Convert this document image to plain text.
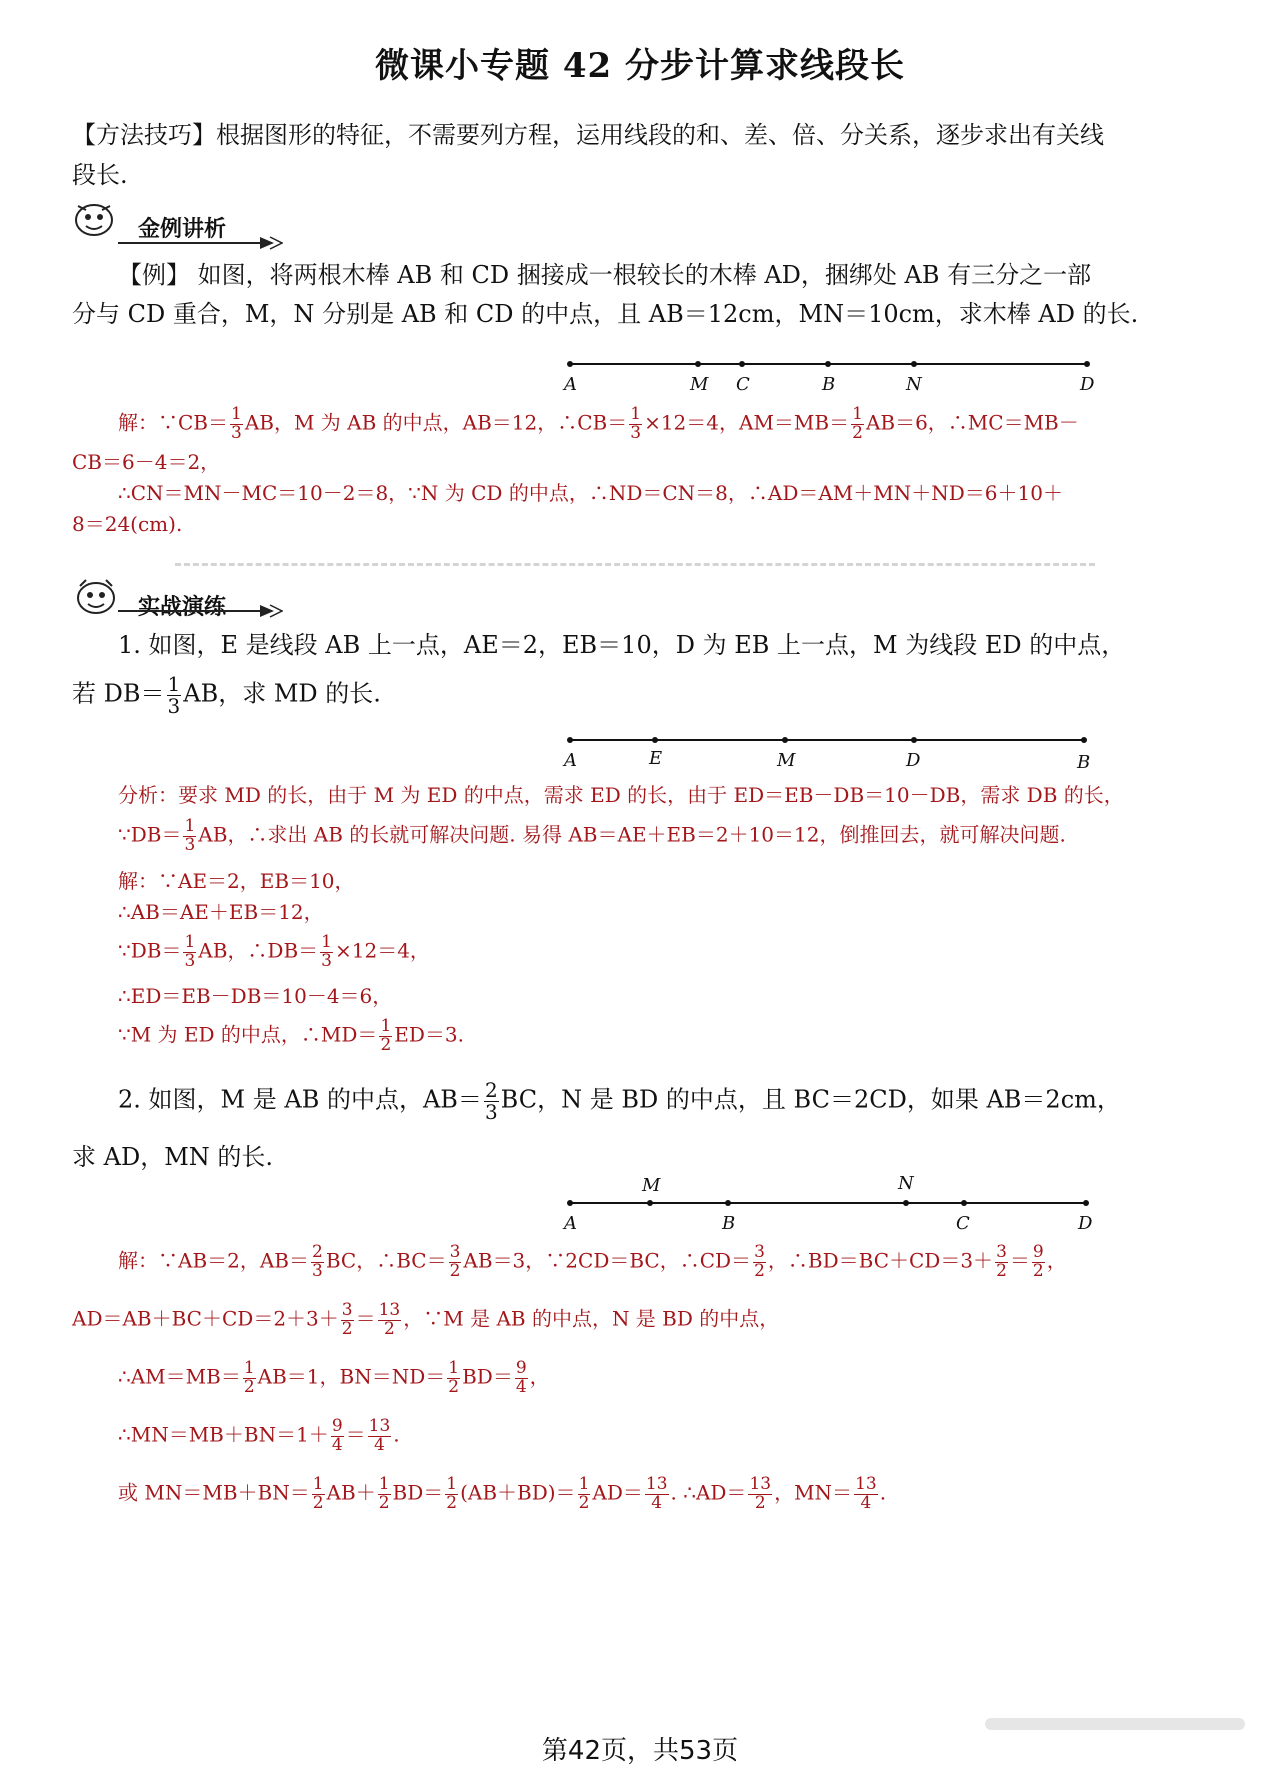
微课小专题 42 分步计算求线段长
【方法技巧】根据图形的特征，不需要列方程，运用线段的和、差、倍、分关系，逐步求出有关线
段长.
金例讲析
【例】 如图，将两根木棒 AB 和 CD 捆接成一根较长的木棒 AD，捆绑处 AB 有三分之一部
分与 CD 重合，M，N 分别是 AB 和 CD 的中点，且 AB＝12cm，MN＝10cm，求木棒 AD 的长.
A	M C	B	N	D
解：∵CB＝ $\frac{1}{3}$ AB，M 为 AB 的中点，AB＝12，∴CB＝ $\frac{1}{3} \times 12=4$，$AM=MB= \frac{1}{2} AB=6$，∴MC＝MB－
CB＝6－4＝2，
∴CN＝MN－MC＝10－2＝8，∵N 为 CD 的中点，∴ND＝CN＝8，∴AD＝AM＋MN＋ND＝6＋10＋
8＝24(cm).
实战演练
1. 如图，E 是线段 AB 上一点，AE＝2，EB＝10，D 为 EB 上一点，M 为线段 ED 的中点，
若 $DB= \frac{1}{3}$ AB，求 MD 的长.
A	E	M	D	B
分析：要求 MD 的长，由于 M 为 ED 的中点，需求 ED 的长，由于 ED＝EB－DB＝10－DB，需求 DB 的长，
∵DB＝ $\frac{1}{3}$ AB，∴求出 AB 的长就可解决问题. 易得 AB＝AE＋EB＝2＋10＝12，倒推回去，就可解决问题.
解：∵AE＝2，EB＝10，
∴AB＝AE＋EB＝12，
∵DB＝ $\frac{1}{3}$ AB，∴DB＝ $\frac{1}{3} \times 12=4$，
∴ED＝EB－DB＝10－4＝6，
∵M 为 ED 的中点，∴MD＝ $\frac{1}{2} ED=3$.
2. 如图，M 是 AB 的中点，$AB= \frac{2}{3}$ BC，N 是 BD 的中点，且 BC＝2CD，如果 AB＝2cm，
求 AD，MN 的长.
A	B	C	D
M	N
解：∵AB＝2，$AB= \frac{2}{3}$ BC，∴BC＝ $\frac{3}{2} AB=3$，∵2CD＝BC，∴CD＝ $\frac{3}{2}$ ，∴BD＝BC＋CD＝3＋ $\frac{3}{2} = \frac{9}{2}$ ，
$AD=AB+BC+CD=2+3+ \frac{3}{2} = \frac{13}{2}$ ，∵M 是 AB 的中点，N 是 BD 的中点，
∴AM＝MB＝ $\frac{1}{2} AB=1$，$BN=ND= \frac{1}{2} BD= \frac{9}{4}$ ，
∴MN＝MB＋BN＝1＋ $\frac{9}{4} = \frac{13}{4}$ .
或 $MN=MB+BN= \frac{1}{2} AB+ \frac{1}{2} BD= \frac{1}{2} (AB+BD)= \frac{1}{2} AD= \frac{13}{4}$ . ∴AD＝ $\frac{13}{2}$ ，$MN= \frac{13}{4}$ .
第42页，共53页
